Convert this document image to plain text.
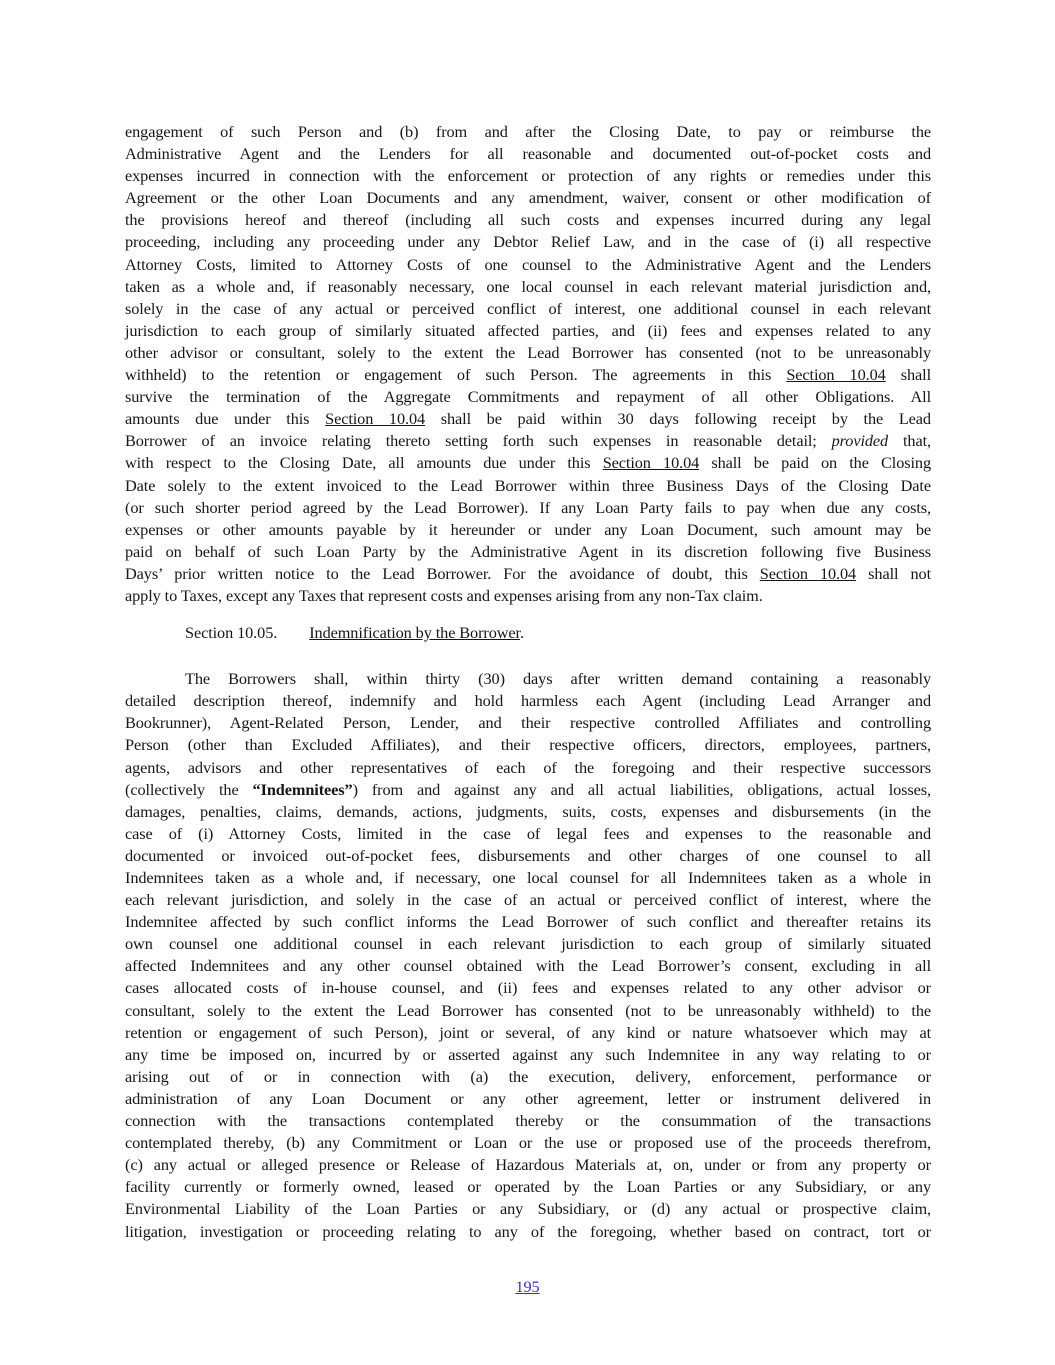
engagement of such Person and (b) from and after the Closing Date, to pay or reimburse the
Administrative Agent and the Lenders for all reasonable and documented out-of-pocket costs and
expenses incurred in connection with the enforcement or protection of any rights or remedies under this
Agreement or the other Loan Documents and any amendment, waiver, consent or other modification of
the provisions hereof and thereof (including all such costs and expenses incurred during any legal
proceeding, including any proceeding under any Debtor Relief Law, and in the case of (i) all respective
Attorney Costs, limited to Attorney Costs of one counsel to the Administrative Agent and the Lenders
taken as a whole and, if reasonably necessary, one local counsel in each relevant material jurisdiction and,
solely in the case of any actual or perceived conflict of interest, one additional counsel in each relevant
jurisdiction to each group of similarly situated affected parties, and (ii) fees and expenses related to any
other advisor or consultant, solely to the extent the Lead Borrower has consented (not to be unreasonably
withheld) to the retention or engagement of such Person. The agreements in this Section 10.04 shall
survive the termination of the Aggregate Commitments and repayment of all other Obligations. All
amounts due under this Section 10.04 shall be paid within 30 days following receipt by the Lead
Borrower of an invoice relating thereto setting forth such expenses in reasonable detail; provided that,
with respect to the Closing Date, all amounts due under this Section 10.04 shall be paid on the Closing
Date solely to the extent invoiced to the Lead Borrower within three Business Days of the Closing Date
(or such shorter period agreed by the Lead Borrower). If any Loan Party fails to pay when due any costs,
expenses or other amounts payable by it hereunder or under any Loan Document, such amount may be
paid on behalf of such Loan Party by the Administrative Agent in its discretion following five Business
Days’ prior written notice to the Lead Borrower. For the avoidance of doubt, this Section 10.04 shall not
apply to Taxes, except any Taxes that represent costs and expenses arising from any non-Tax claim.
Section 10.05. Indemnification by the Borrower.
The Borrowers shall, within thirty (30) days after written demand containing a reasonably
detailed description thereof, indemnify and hold harmless each Agent (including Lead Arranger and
Bookrunner), Agent-Related Person, Lender, and their respective controlled Affiliates and controlling
Person (other than Excluded Affiliates), and their respective officers, directors, employees, partners,
agents, advisors and other representatives of each of the foregoing and their respective successors
(collectively the “Indemnitees”) from and against any and all actual liabilities, obligations, actual losses,
damages, penalties, claims, demands, actions, judgments, suits, costs, expenses and disbursements (in the
case of (i) Attorney Costs, limited in the case of legal fees and expenses to the reasonable and
documented or invoiced out-of-pocket fees, disbursements and other charges of one counsel to all
Indemnitees taken as a whole and, if necessary, one local counsel for all Indemnitees taken as a whole in
each relevant jurisdiction, and solely in the case of an actual or perceived conflict of interest, where the
Indemnitee affected by such conflict informs the Lead Borrower of such conflict and thereafter retains its
own counsel one additional counsel in each relevant jurisdiction to each group of similarly situated
affected Indemnitees and any other counsel obtained with the Lead Borrower’s consent, excluding in all
cases allocated costs of in-house counsel, and (ii) fees and expenses related to any other advisor or
consultant, solely to the extent the Lead Borrower has consented (not to be unreasonably withheld) to the
retention or engagement of such Person), joint or several, of any kind or nature whatsoever which may at
any time be imposed on, incurred by or asserted against any such Indemnitee in any way relating to or
arising out of or in connection with (a) the execution, delivery, enforcement, performance or
administration of any Loan Document or any other agreement, letter or instrument delivered in
connection with the transactions contemplated thereby or the consummation of the transactions
contemplated thereby, (b) any Commitment or Loan or the use or proposed use of the proceeds therefrom,
(c) any actual or alleged presence or Release of Hazardous Materials at, on, under or from any property or
facility currently or formerly owned, leased or operated by the Loan Parties or any Subsidiary, or any
Environmental Liability of the Loan Parties or any Subsidiary, or (d) any actual or prospective claim,
litigation, investigation or proceeding relating to any of the foregoing, whether based on contract, tort or
195
